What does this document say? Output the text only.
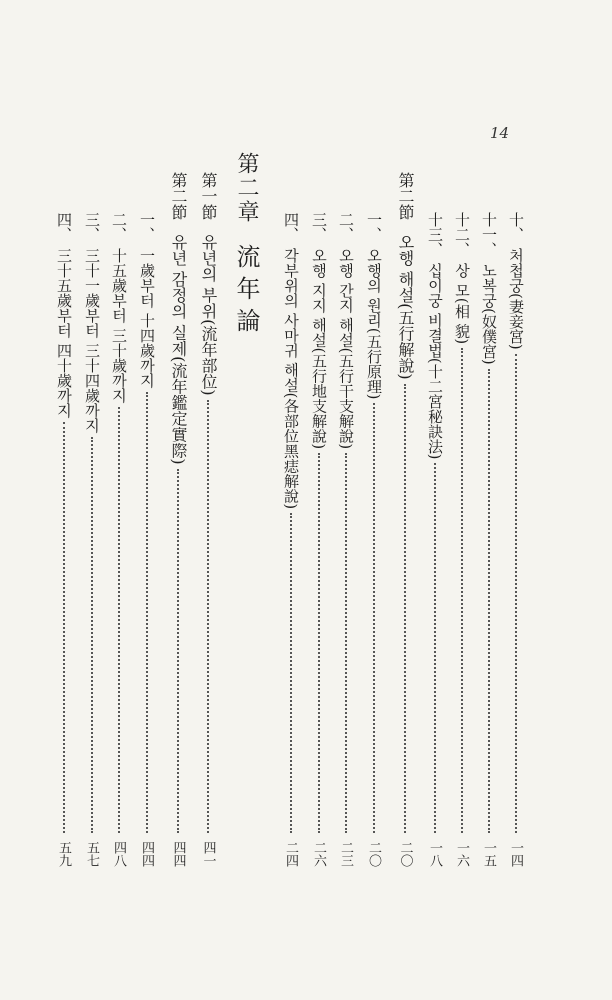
14
十、
처첩궁(妻妾宮)
一四
十一、
노복궁(奴僕宮)
一五
十二、
상 모(相 貌)
一六
十三、
십이궁 비결법(十二宮秘訣法)
一八
第二節
오행 해설(五行解說)
二〇
一、
오행의 원리(五行原理)
二〇
二、
오행 간지 해설(五行干支解說)
二三
三、
오행 지지 해설(五行地支解說)
二六
四、
각부위의 사마귀 해설(各部位黑痣解說)
二四
第二章
流年論
第一節
유년의 부위(流年部位)
四一
第二節
유년 감정의 실제(流年鑑定實際)
四四
一、
一歲부터 十四歲까지
四四
二、
十五歲부터 三十歲까지
四八
三、
三十一歲부터 三十四歲까지
五七
四、
三十五歲부터 四十歲까지
五九
